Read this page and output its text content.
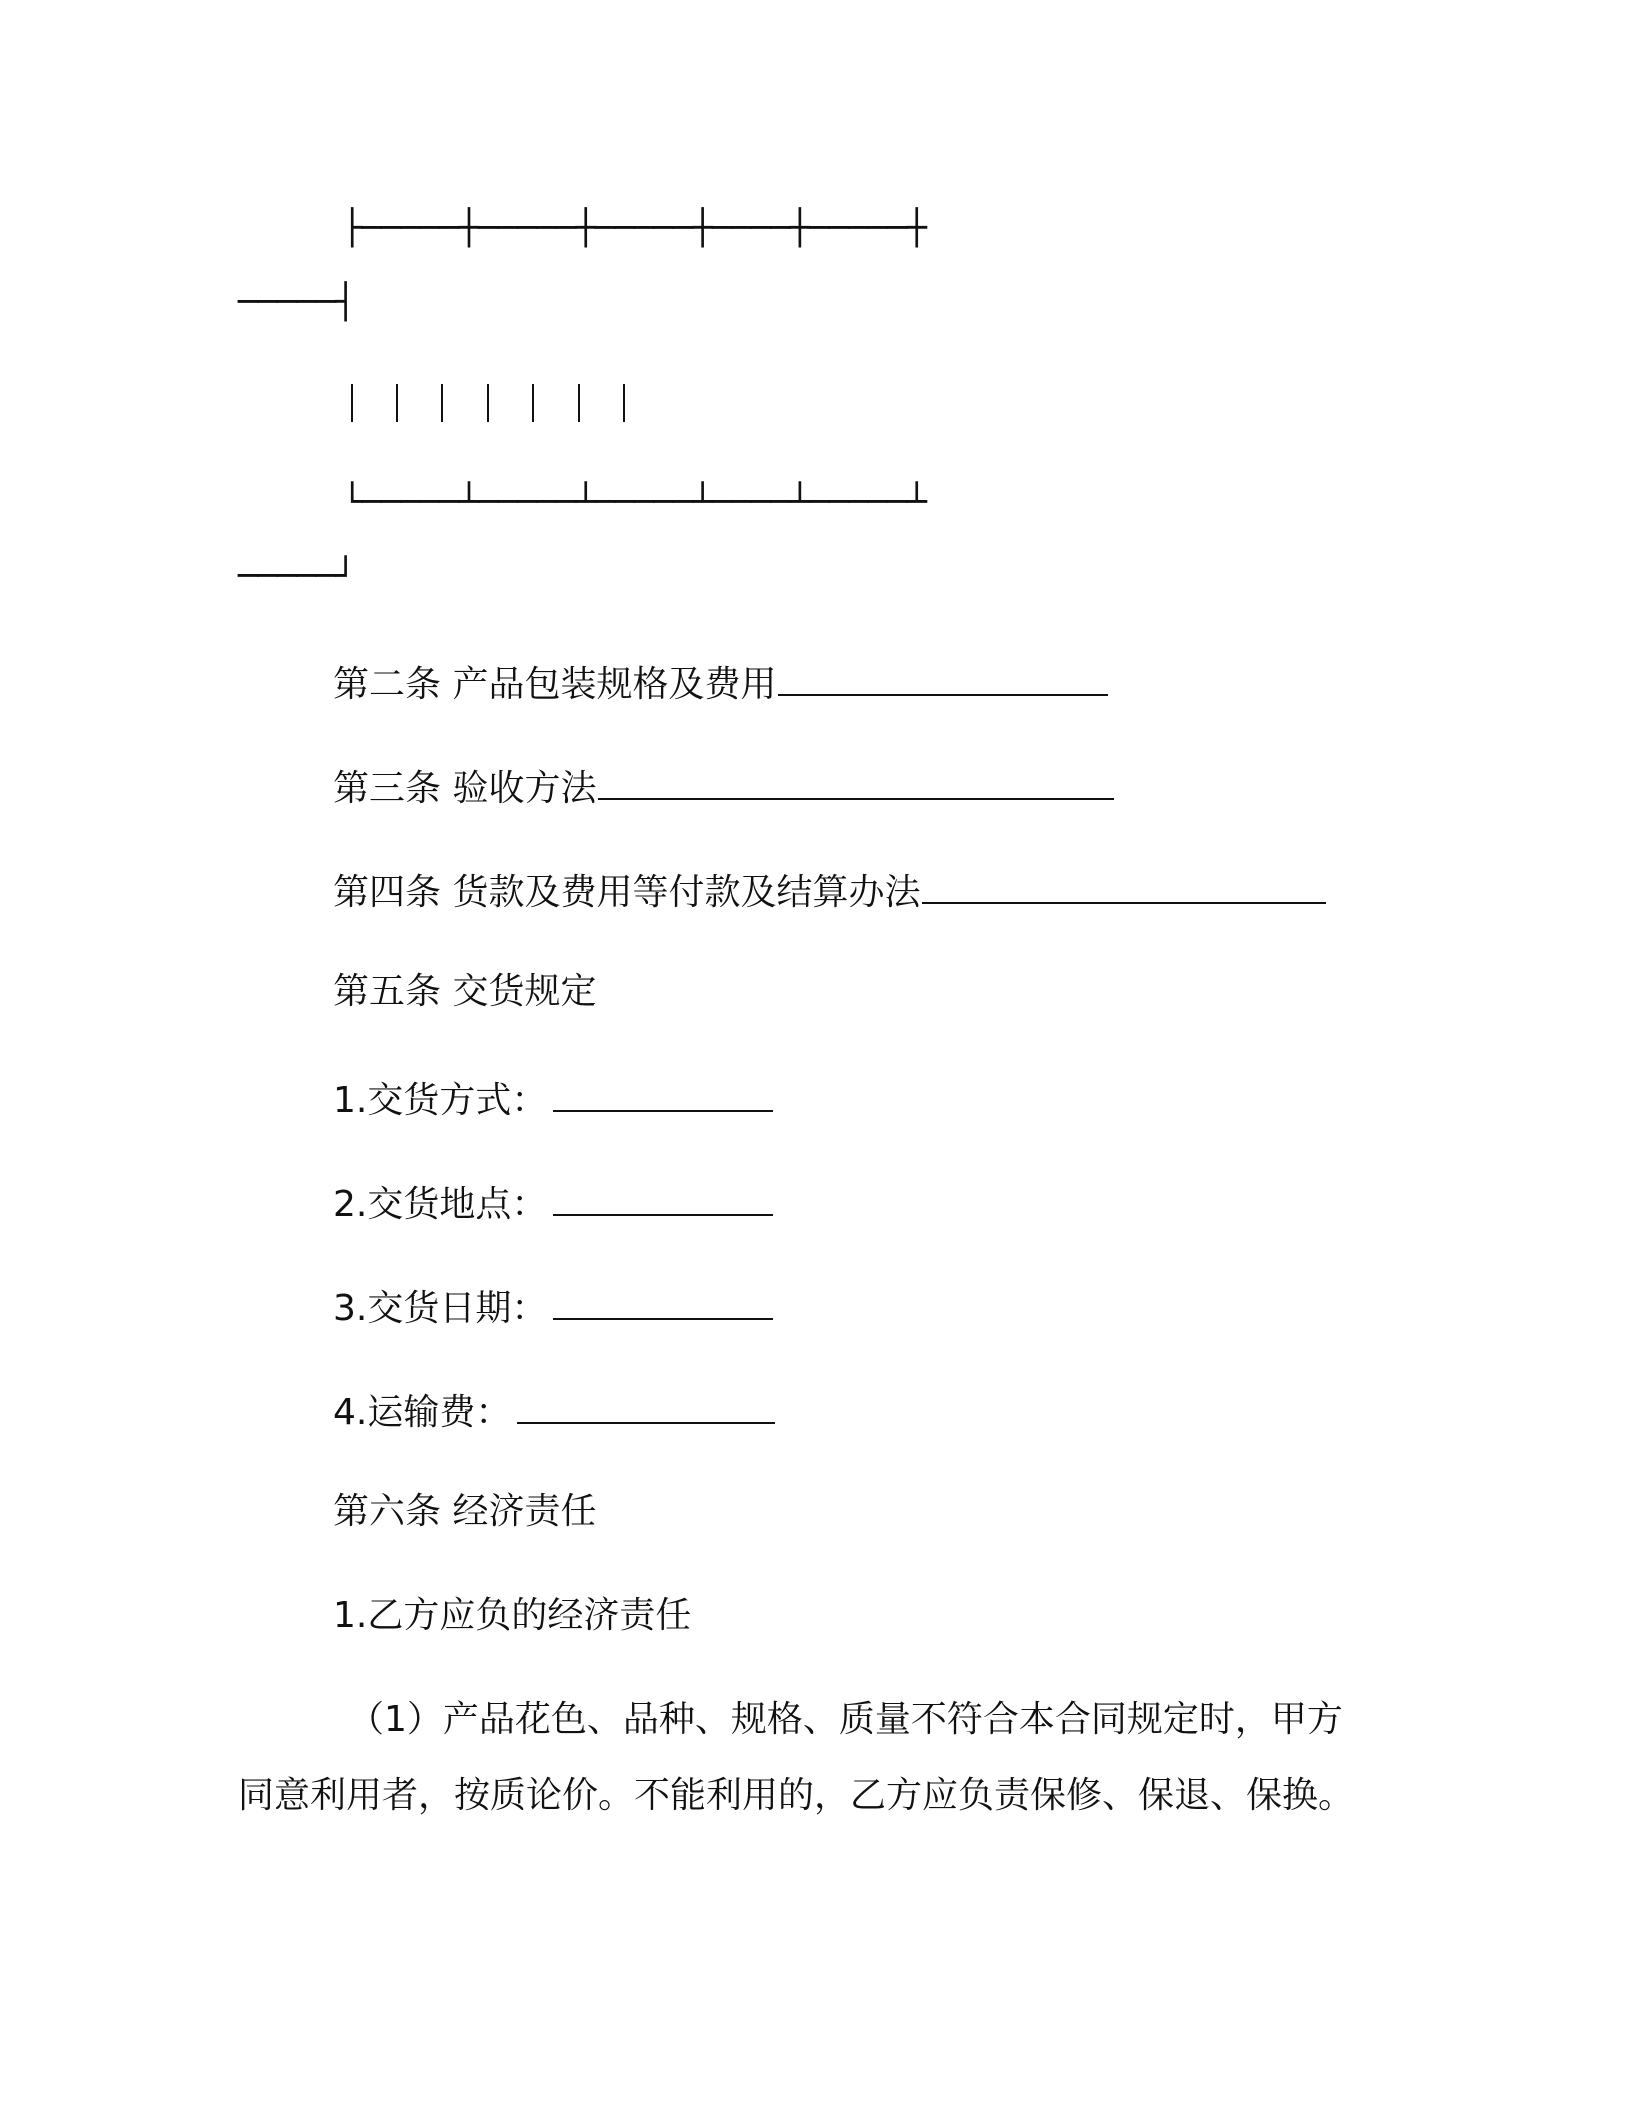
├─────┼─────┼─────┼────┼─────┼
─────┤
└─────┴─────┴─────┴────┴─────┴
─────┘
第二条 产品包装规格及费用
第三条 验收方法
第四条 货款及费用等付款及结算办法
第五条 交货规定
1.交货方式：
2.交货地点：
3.交货日期：
4.运输费：
第六条 经济责任
1.乙方应负的经济责任
（1）产品花色、品种、规格、质量不符合本合同规定时，甲方
同意利用者，按质论价。不能利用的，乙方应负责保修、保退、保换。
